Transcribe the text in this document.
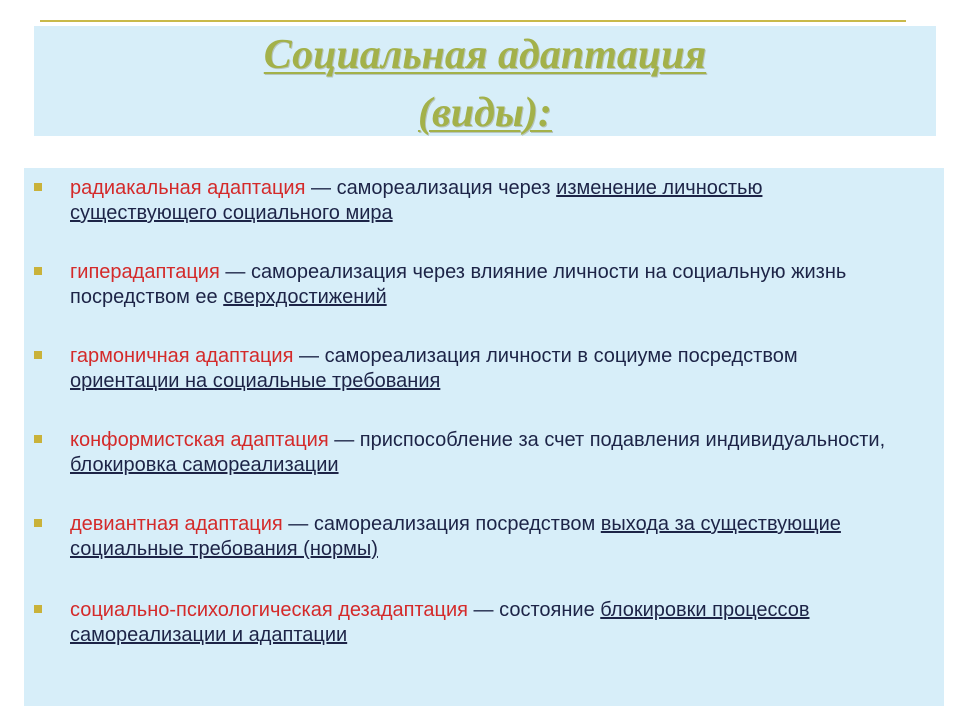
Социальная адаптация
(виды):
радиакальная адаптация — самореализация через изменение личностью существующего социального мира
гиперадаптация — самореализация через влияние личности на социальную жизнь посредством ее сверхдостижений
гармоничная адаптация — самореализация личности в социуме посредством ориентации на социальные требования
конформистская адаптация — приспособление за счет подавления индивидуальности, блокировка самореализации
девиантная адаптация — самореализация посредством выхода за существующие социальные требования (нормы)
социально-психологическая дезадаптация — состояние блокировки процессов самореализации и адаптации
